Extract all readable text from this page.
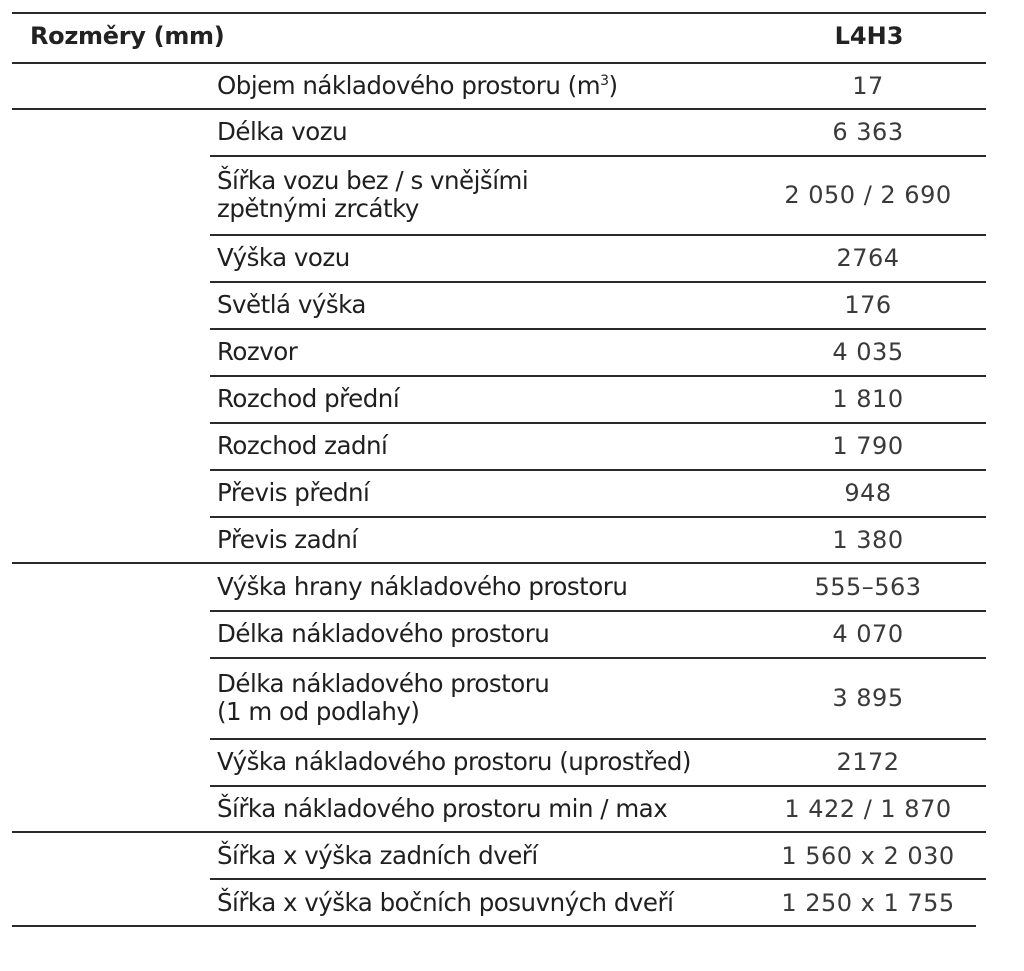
Rozměry (mm)	L4H3
Objem nákladového prostoru $(m^3)$	17
Délka vozu	6 363
Šířka vozu bez / s vnějšími
zpětnými zrcátky	2 050 / 2 690
Výška vozu	2764
Světlá výška	176
Rozvor	4 035
Rozchod přední	1 810
Rozchod zadní	1 790
Převis přední	948
Převis zadní	1 380
Výška hrany nákladového prostoru	555–563
Délka nákladového prostoru	4 070
Délka nákladového prostoru
(1 m od podlahy)	3 895
Výška nákladového prostoru (uprostřed)	2172
Šířka nákladového prostoru min / max	1 422 / 1 870
Šířka x výška zadních dveří	1 560 x 2 030
Šířka x výška bočních posuvných dveří	1 250 x 1 755
